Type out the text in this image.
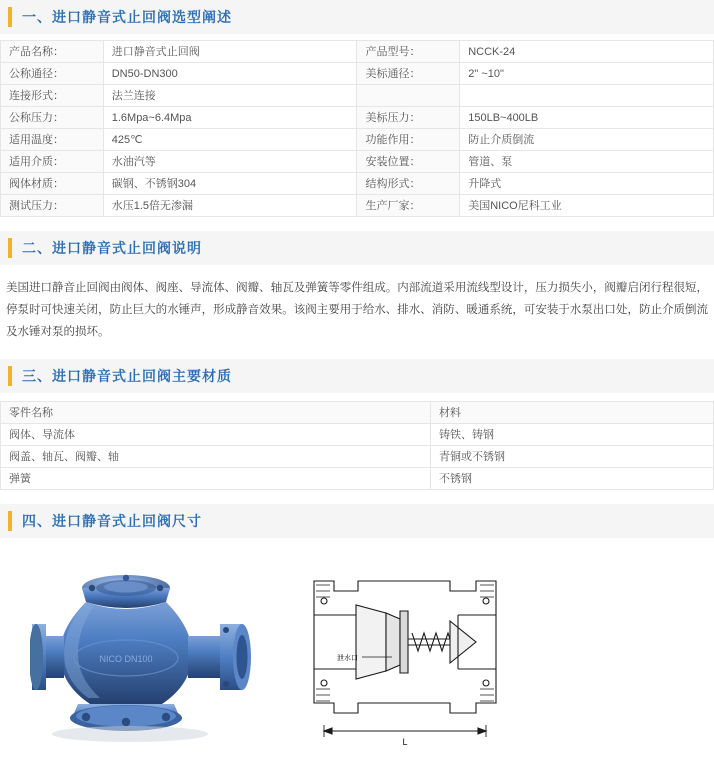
一、进口静音式止回阀选型阐述
产品名称：	进口静音式止回阀	产品型号：	NCCK-24
公称通径：	DN50-DN300	美标通径：	2" ~10"
连接形式：	法兰连接		
公称压力：	1.6Mpa~6.4Mpa	美标压力：	150LB~400LB
适用温度：	425℃	功能作用：	防止介质倒流
适用介质：	水油汽等	安装位置：	管道、泵
阀体材质：	碳钢、不锈钢304	结构形式：	升降式
测试压力：	水压1.5倍无渗漏	生产厂家：	美国NICO尼科工业
二、进口静音式止回阀说明
美国进口静音止回阀由阀体、阀座、导流体、阀瓣、轴瓦及弹簧等零件组成。内部流道采用流线型设计，压力损失小，阀瓣启闭行程很短，停泵时可快速关闭，防止巨大的水锤声，形成静音效果。该阀主要用于给水、排水、消防、暖通系统，可安装于水泵出口处，防止介质倒流及水锤对泵的损坏。
三、进口静音式止回阀主要材质
零件名称	材料
阀体、导流体	铸铁、铸钢
阀盖、轴瓦、阀瓣、轴	青铜或不锈钢
弹簧	不锈钢
四、进口静音式止回阀尺寸
NICO DN100	泄水口
L
